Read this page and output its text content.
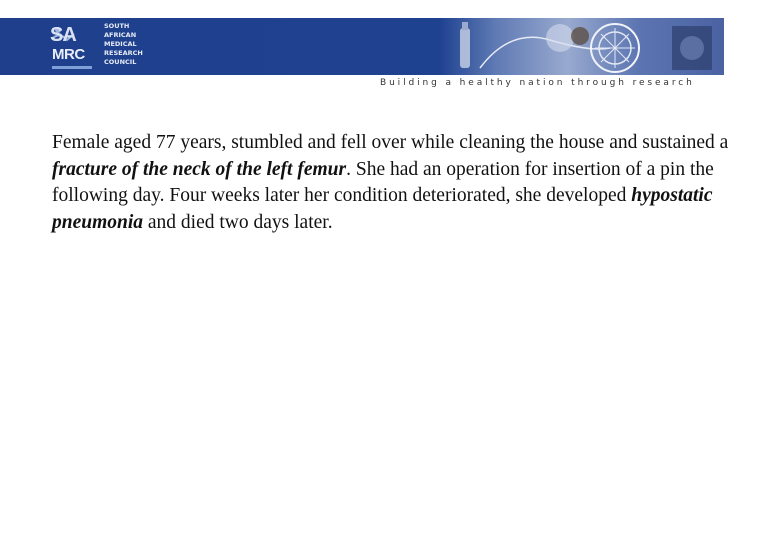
SA
MRC
SOUTH
AFRICAN
MEDICAL
RESEARCH
COUNCIL
Building a healthy nation through research
Female aged 77 years, stumbled and fell over while cleaning the house and sustained a fracture of the neck of the left femur. She had an operation for insertion of a pin the following day. Four weeks later her condition deteriorated, she developed hypostatic pneumonia and died two days later.
